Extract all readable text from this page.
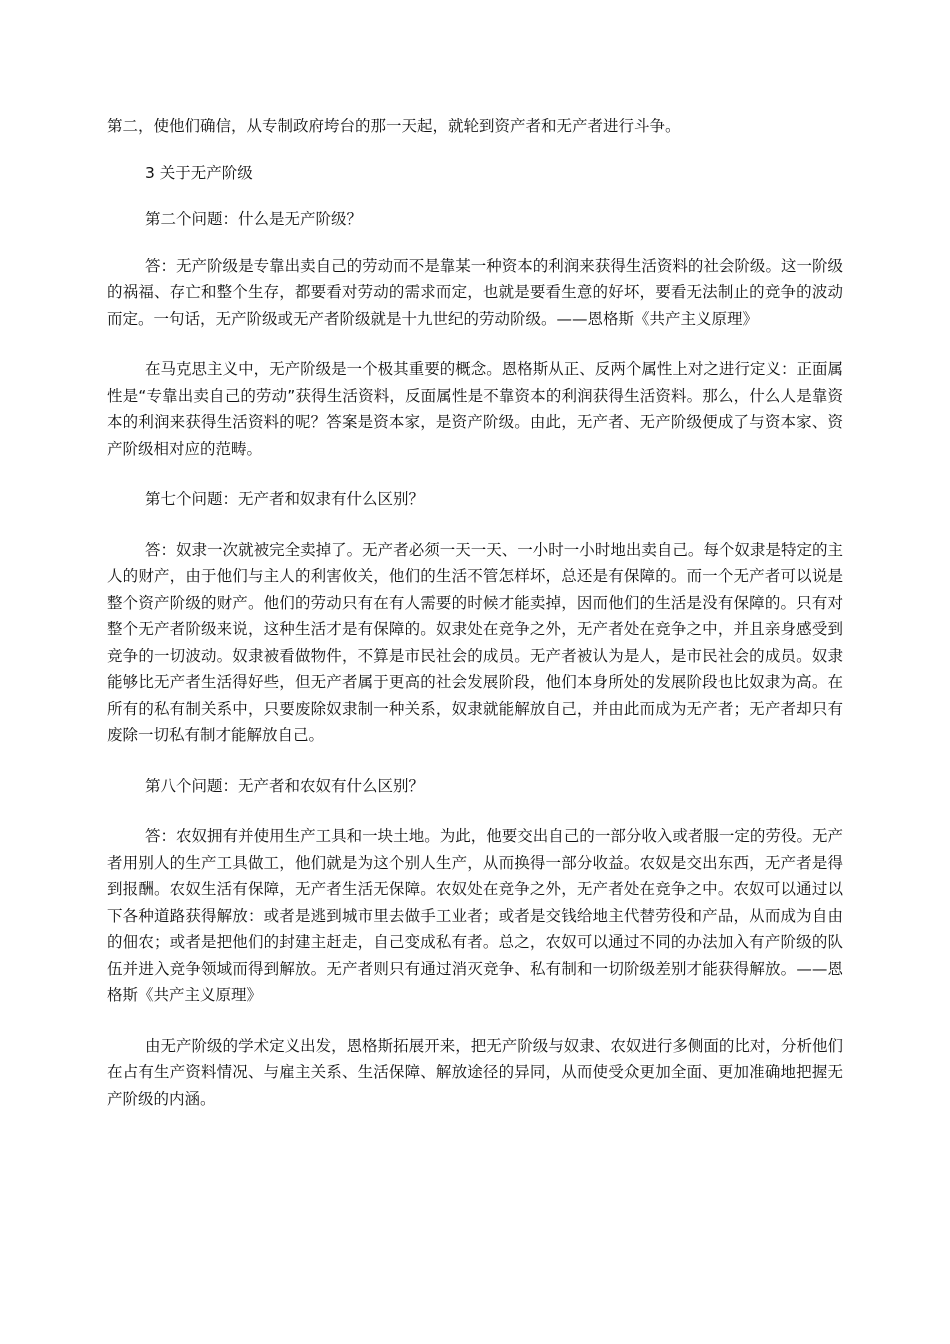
第二，使他们确信，从专制政府垮台的那一天起，就轮到资产者和无产者进行斗争。

3 关于无产阶级

第二个问题：什么是无产阶级？

答：无产阶级是专靠出卖自己的劳动而不是靠某一种资本的利润来获得生活资料的社会阶级。这一阶级的祸福、存亡和整个生存，都要看对劳动的需求而定，也就是要看生意的好坏，要看无法制止的竞争的波动而定。一句话，无产阶级或无产者阶级就是十九世纪的劳动阶级。——恩格斯《共产主义原理》

在马克思主义中，无产阶级是一个极其重要的概念。恩格斯从正、反两个属性上对之进行定义：正面属性是“专靠出卖自己的劳动”获得生活资料，反面属性是不靠资本的利润获得生活资料。那么，什么人是靠资本的利润来获得生活资料的呢？答案是资本家，是资产阶级。由此，无产者、无产阶级便成了与资本家、资产阶级相对应的范畴。

第七个问题：无产者和奴隶有什么区别？

答：奴隶一次就被完全卖掉了。无产者必须一天一天、一小时一小时地出卖自己。每个奴隶是特定的主人的财产，由于他们与主人的利害攸关，他们的生活不管怎样坏，总还是有保障的。而一个无产者可以说是整个资产阶级的财产。他们的劳动只有在有人需要的时候才能卖掉，因而他们的生活是没有保障的。只有对整个无产者阶级来说，这种生活才是有保障的。奴隶处在竞争之外，无产者处在竞争之中，并且亲身感受到竞争的一切波动。奴隶被看做物件，不算是市民社会的成员。无产者被认为是人，是市民社会的成员。奴隶能够比无产者生活得好些，但无产者属于更高的社会发展阶段，他们本身所处的发展阶段也比奴隶为高。在所有的私有制关系中，只要废除奴隶制一种关系，奴隶就能解放自己，并由此而成为无产者；无产者却只有废除一切私有制才能解放自己。

第八个问题：无产者和农奴有什么区别？

答：农奴拥有并使用生产工具和一块土地。为此，他要交出自己的一部分收入或者服一定的劳役。无产者用别人的生产工具做工，他们就是为这个别人生产，从而换得一部分收益。农奴是交出东西，无产者是得到报酬。农奴生活有保障，无产者生活无保障。农奴处在竞争之外，无产者处在竞争之中。农奴可以通过以下各种道路获得解放：或者是逃到城市里去做手工业者；或者是交钱给地主代替劳役和产品，从而成为自由的佃农；或者是把他们的封建主赶走，自己变成私有者。总之，农奴可以通过不同的办法加入有产阶级的队伍并进入竞争领域而得到解放。无产者则只有通过消灭竞争、私有制和一切阶级差别才能获得解放。——恩格斯《共产主义原理》

由无产阶级的学术定义出发，恩格斯拓展开来，把无产阶级与奴隶、农奴进行多侧面的比对，分析他们在占有生产资料情况、与雇主关系、生活保障、解放途径的异同，从而使受众更加全面、更加准确地把握无产阶级的内涵。
